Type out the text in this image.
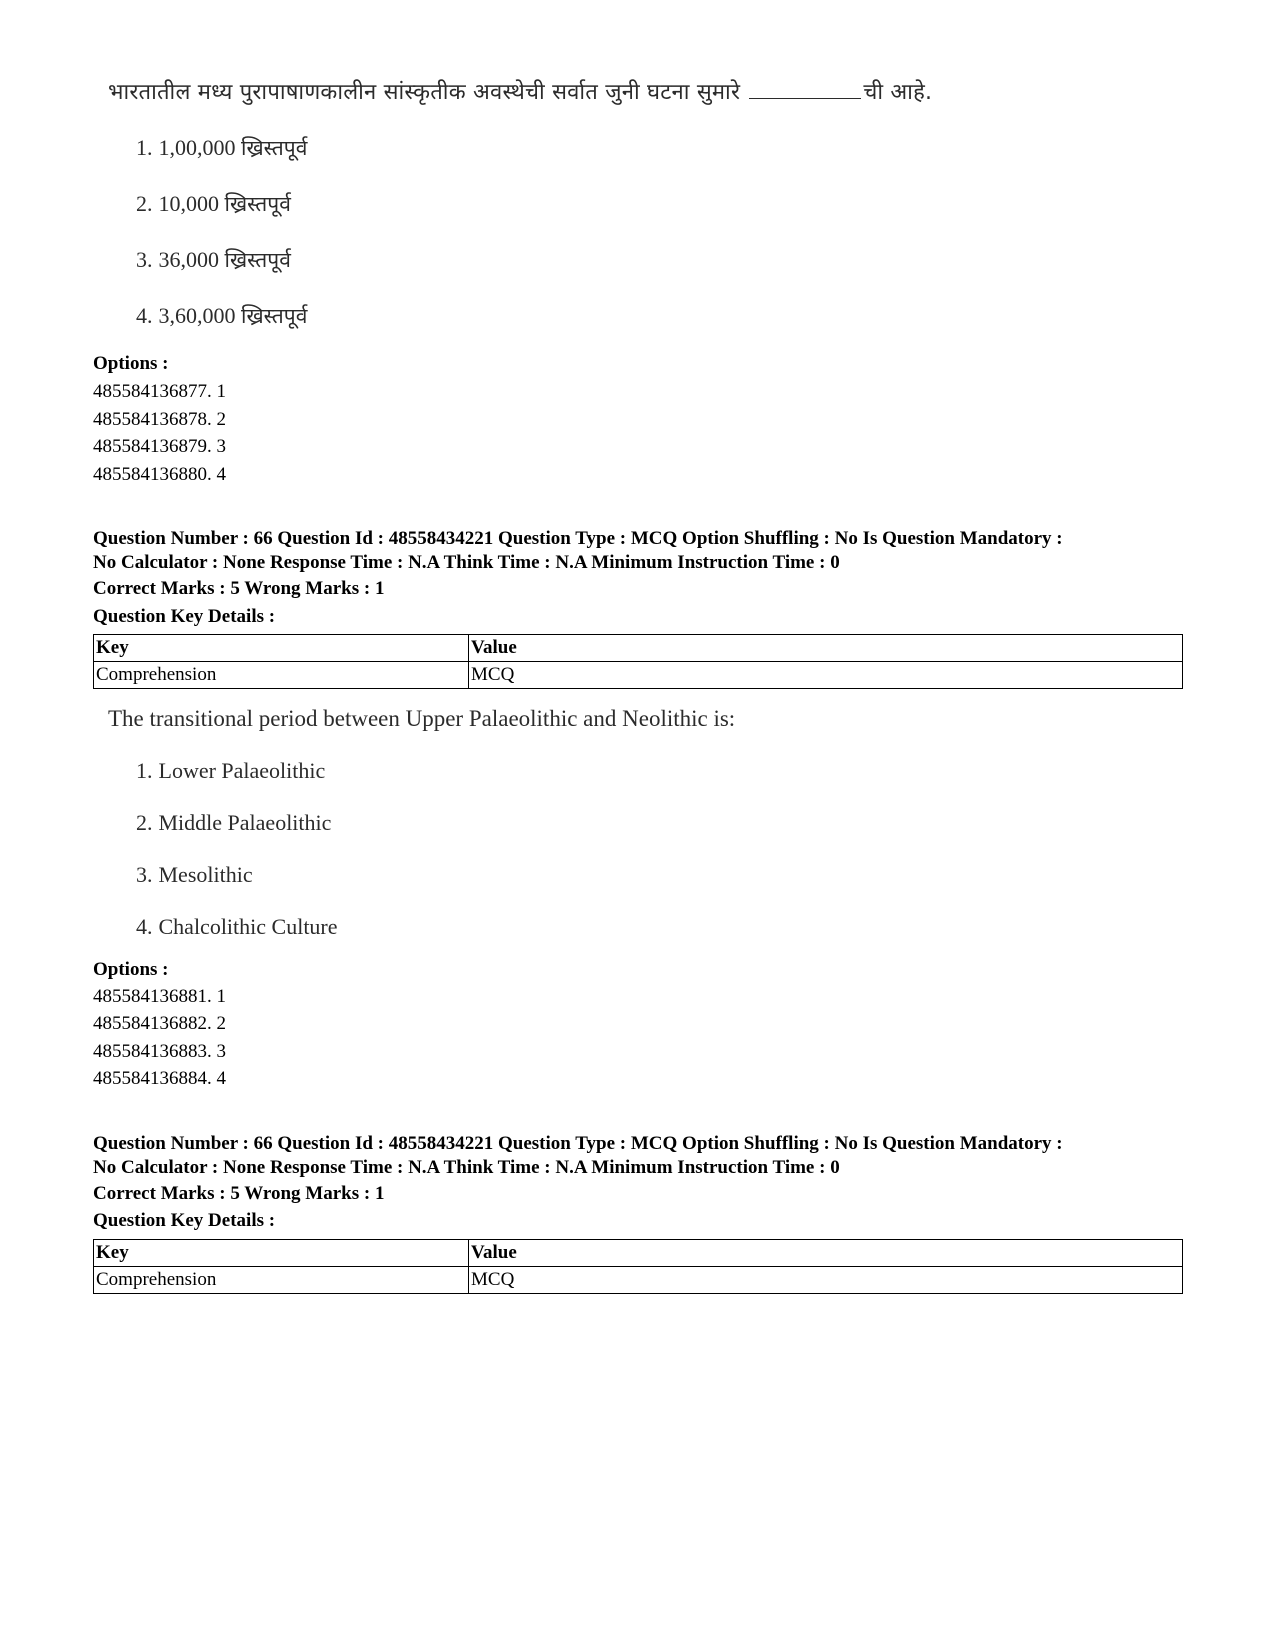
भारतातील मध्य पुरापाषाणकालीन सांस्कृतीक अवस्थेची सर्वात जुनी घटना सुमारे	ची आहे.
1. 1,00,000 ख्रिस्तपूर्व
2. 10,000 ख्रिस्तपूर्व
3. 36,000 ख्रिस्तपूर्व
4. 3,60,000 ख्रिस्तपूर्व
Options :
485584136877. 1
485584136878. 2
485584136879. 3
485584136880. 4
Question Number : 66 Question Id : 48558434221 Question Type : MCQ Option Shuffling : No Is Question Mandatory :
No Calculator : None Response Time : N.A Think Time : N.A Minimum Instruction Time : 0
Correct Marks : 5 Wrong Marks : 1
Question Key Details :
Key	Value
Comprehension	MCQ
The transitional period between Upper Palaeolithic and Neolithic is:
1. Lower Palaeolithic
2. Middle Palaeolithic
3. Mesolithic
4. Chalcolithic Culture
Options :
485584136881. 1
485584136882. 2
485584136883. 3
485584136884. 4
Question Number : 66 Question Id : 48558434221 Question Type : MCQ Option Shuffling : No Is Question Mandatory :
No Calculator : None Response Time : N.A Think Time : N.A Minimum Instruction Time : 0
Correct Marks : 5 Wrong Marks : 1
Question Key Details :
Key	Value
Comprehension	MCQ
